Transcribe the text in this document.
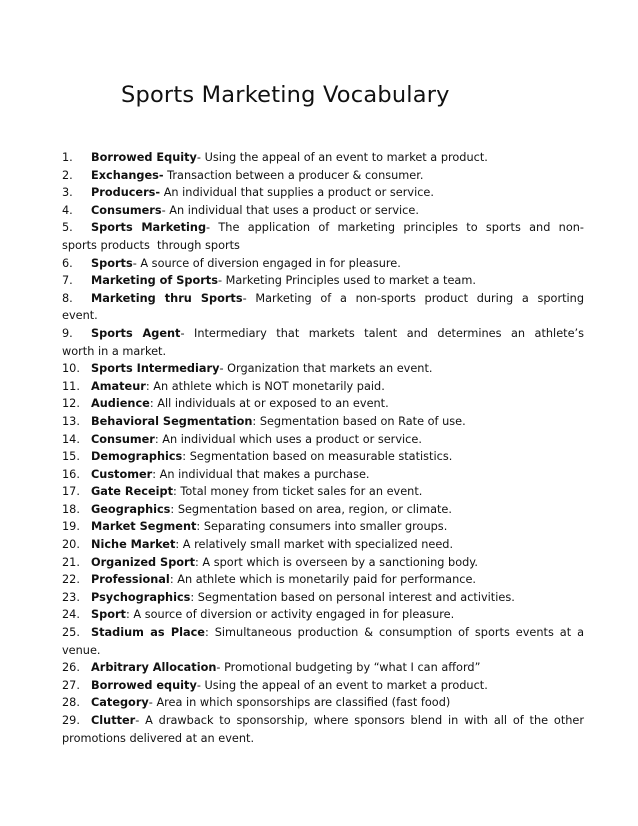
Sports Marketing Vocabulary
1.	Borrowed Equity- Using the appeal of an event to market a product.
2.	Exchanges- Transaction between a producer & consumer.
3.	Producers- An individual that supplies a product or service.
4.	Consumers- An individual that uses a product or service.
5.	Sports Marketing- The application of marketing principles to sports and non-
sports products  through sports
6.	Sports- A source of diversion engaged in for pleasure.
7.	Marketing of Sports- Marketing Principles used to market a team.
8.	Marketing thru Sports- Marketing of a non-sports product during a sporting
event.
9.	Sports Agent- Intermediary that markets talent and determines an athlete’s
worth in a market.
10. Sports Intermediary- Organization that markets an event.
11. Amateur: An athlete which is NOT monetarily paid.
12. Audience: All individuals at or exposed to an event.
13. Behavioral Segmentation: Segmentation based on Rate of use.
14. Consumer: An individual which uses a product or service.
15. Demographics: Segmentation based on measurable statistics.
16. Customer: An individual that makes a purchase.
17. Gate Receipt: Total money from ticket sales for an event.
18. Geographics: Segmentation based on area, region, or climate.
19. Market Segment: Separating consumers into smaller groups.
20. Niche Market: A relatively small market with specialized need.
21. Organized Sport: A sport which is overseen by a sanctioning body.
22. Professional: An athlete which is monetarily paid for performance.
23. Psychographics: Segmentation based on personal interest and activities.
24. Sport: A source of diversion or activity engaged in for pleasure.
25. Stadium as Place: Simultaneous production & consumption of sports events at a
venue.
26. Arbitrary Allocation- Promotional budgeting by “what I can afford”
27. Borrowed equity- Using the appeal of an event to market a product.
28. Category- Area in which sponsorships are classified (fast food)
29. Clutter- A drawback to sponsorship, where sponsors blend in with all of the other
promotions delivered at an event.
